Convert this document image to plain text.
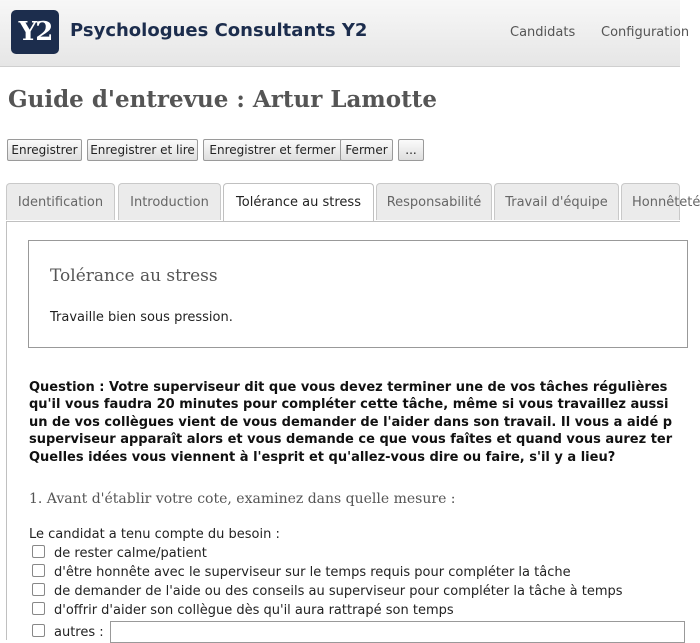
Y2	Psychologues Consultants Y2	Candidats Configuration
Guide d'entrevue : Artur Lamotte
Enregistrer	Enregistrer et lire	Enregistrer et fermer Fermer	...
Identification	Introduction	Tolérance au stress	Responsabilité	Travail d'équipe	Honnêteté
Tolérance au stress
Travaille bien sous pression.
Question : Votre superviseur dit que vous devez terminer une de vos tâches régulières
qu'il vous faudra 20 minutes pour compléter cette tâche, même si vous travaillez aussi
un de vos collègues vient de vous demander de l'aider dans son travail. Il vous a aidé p
superviseur apparaît alors et vous demande ce que vous faîtes et quand vous aurez ter
Quelles idées vous viennent à l'esprit et qu'allez-vous dire ou faire, s'il y a lieu?
1. Avant d'établir votre cote, examinez dans quelle mesure :
Le candidat a tenu compte du besoin :
de rester calme/patient
d'être honnête avec le superviseur sur le temps requis pour compléter la tâche
de demander de l'aide ou des conseils au superviseur pour compléter la tâche à temps
d'offrir d'aider son collègue dès qu'il aura rattrapé son temps
autres :
